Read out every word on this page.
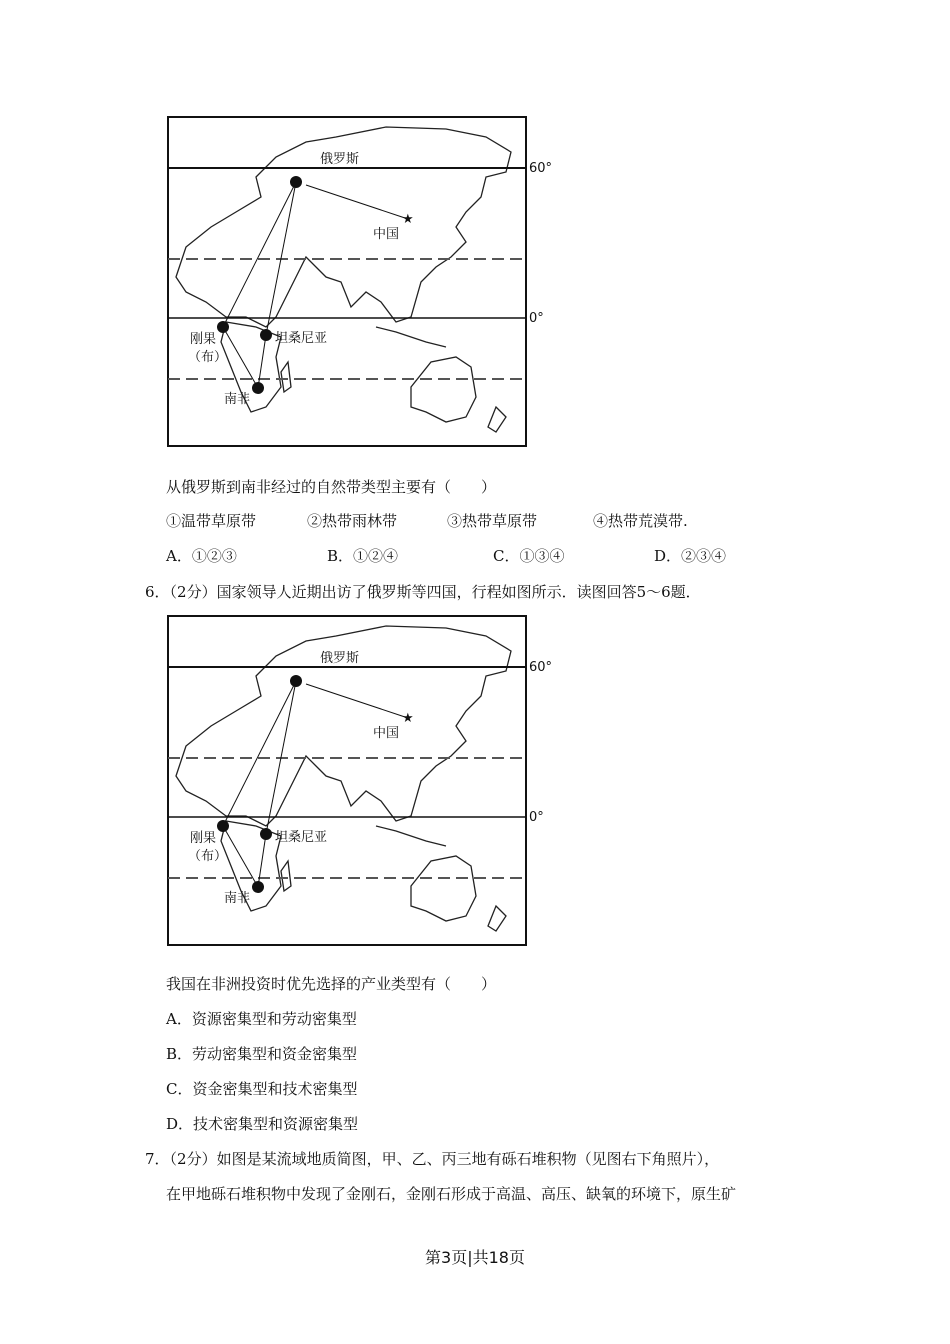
★
俄罗斯
中国
刚果
（布）
坦桑尼亚
南非
60°
0°
从俄罗斯到南非经过的自然带类型主要有（　　）
①温带草原带	②热带雨林带	③热带草原带	④热带荒漠带.
A．①②③	B．①②④	C．①③④	D．②③④
6．（2分）国家领导人近期出访了俄罗斯等四国，行程如图所示．读图回答5～6题．
★
俄罗斯
中国
刚果
（布）
坦桑尼亚
南非
60°
0°
我国在非洲投资时优先选择的产业类型有（　　）
A．资源密集型和劳动密集型
B．劳动密集型和资金密集型
C．资金密集型和技术密集型
D．技术密集型和资源密集型
7．（2分）如图是某流域地质简图，甲、乙、丙三地有砾石堆积物（见图右下角照片），
在甲地砾石堆积物中发现了金刚石，金刚石形成于高温、高压、缺氧的环境下，原生矿
第3页|共18页
